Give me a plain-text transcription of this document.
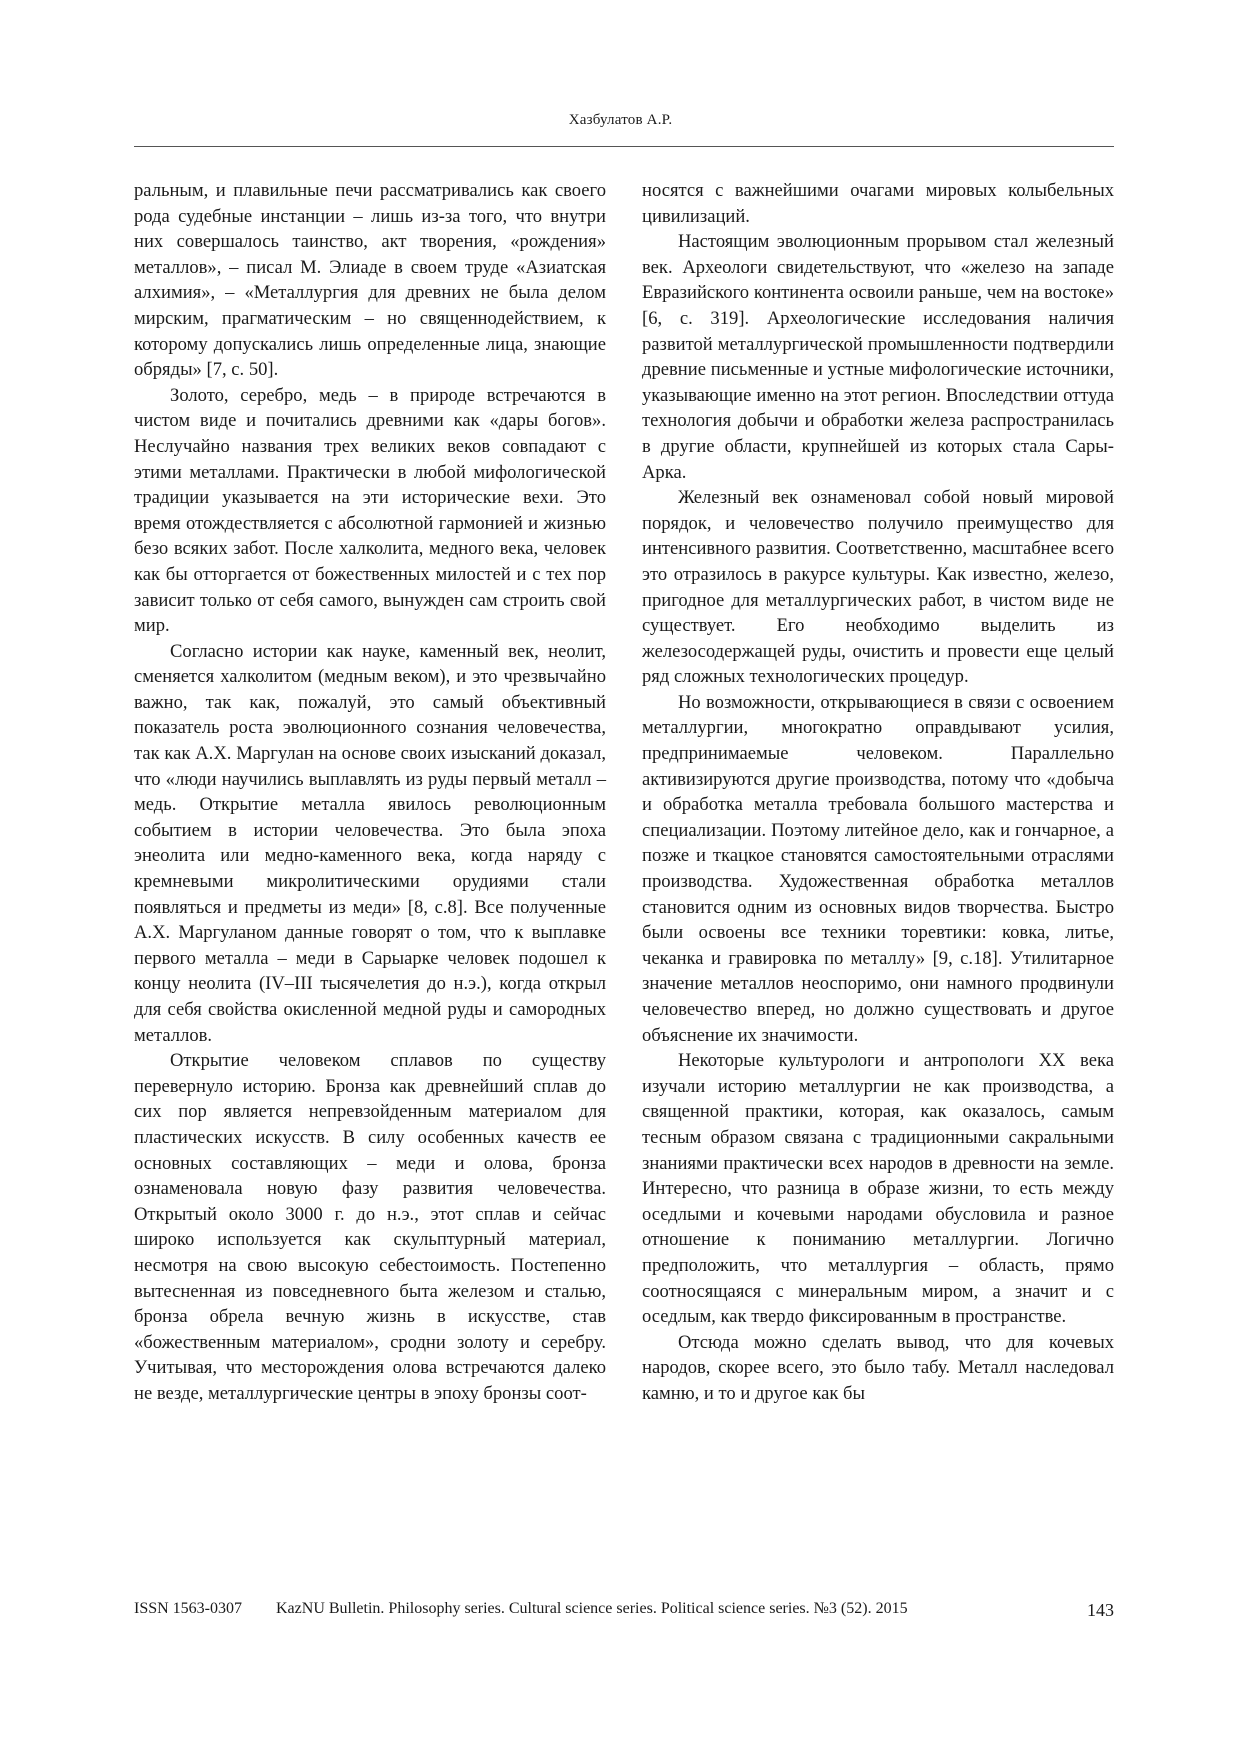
Хазбулатов А.Р.

ральным, и плавильные печи рассматривались как своего рода судебные инстанции – лишь из-за того, что внутри них совершалось таинство, акт творения, «рождения» металлов», – писал М. Элиаде в своем труде «Азиатская алхимия», – «Металлургия для древних не была делом мирским, прагматическим – но священнодействием, к которому допускались лишь определенные лица, знающие обряды» [7, с. 50].

Золото, серебро, медь – в природе встречаются в чистом виде и почитались древними как «дары богов». Неслучайно названия трех великих веков совпадают с этими металлами. Практически в любой мифологической традиции указывается на эти исторические вехи. Это время отождествляется с абсолютной гармонией и жизнью безо всяких забот. После халколита, медного века, человек как бы отторгается от божественных милостей и с тех пор зависит только от себя самого, вынужден сам строить свой мир.

Согласно истории как науке, каменный век, неолит, сменяется халколитом (медным веком), и это чрезвычайно важно, так как, пожалуй, это самый объективный показатель роста эволюционного сознания человечества, так как А.Х. Маргулан на основе своих изысканий доказал, что «люди научились выплавлять из руды первый металл – медь. Открытие металла явилось революционным событием в истории человечества. Это была эпоха энеолита или медно-каменного века, когда наряду с кремневыми микролитическими орудиями стали появляться и предметы из меди» [8, с.8]. Все полученные А.Х. Маргуланом данные говорят о том, что к выплавке первого металла – меди в Сарыарке человек подошел к концу неолита (IV–III тысячелетия до н.э.), когда открыл для себя свойства окисленной медной руды и самородных металлов.

Открытие человеком сплавов по существу перевернуло историю. Бронза как древнейший сплав до сих пор является непревзойденным материалом для пластических искусств. В силу особенных качеств ее основных составляющих – меди и олова, бронза ознаменовала новую фазу развития человечества. Открытый около 3000 г. до н.э., этот сплав и сейчас широко используется как скульптурный материал, несмотря на свою высокую себестоимость. Постепенно вытесненная из повседневного быта железом и сталью, бронза обрела вечную жизнь в искусстве, став «божественным материалом», сродни золоту и серебру. Учитывая, что месторождения олова встречаются далеко не везде, металлургические центры в эпоху бронзы соот-

носятся с важнейшими очагами мировых колыбельных цивилизаций.

Настоящим эволюционным прорывом стал железный век. Археологи свидетельствуют, что «железо на западе Евразийского континента освоили раньше, чем на востоке» [6, с. 319]. Археологические исследования наличия развитой металлургической промышленности подтвердили древние письменные и устные мифологические источники, указывающие именно на этот регион. Впоследствии оттуда технология добычи и обработки железа распространилась в другие области, крупнейшей из которых стала Сары-Арка.

Железный век ознаменовал собой новый мировой порядок, и человечество получило преимущество для интенсивного развития. Соответственно, масштабнее всего это отразилось в ракурсе культуры. Как известно, железо, пригодное для металлургических работ, в чистом виде не существует. Его необходимо выделить из железосодержащей руды, очистить и провести еще целый ряд сложных технологических процедур.

Но возможности, открывающиеся в связи с освоением металлургии, многократно оправдывают усилия, предпринимаемые человеком. Параллельно активизируются другие производства, потому что «добыча и обработка металла требовала большого мастерства и специализации. Поэтому литейное дело, как и гончарное, а позже и ткацкое становятся самостоятельными отраслями производства. Художественная обработка металлов становится одним из основных видов творчества. Быстро были освоены все техники торевтики: ковка, литье, чеканка и гравировка по металлу» [9, с.18]. Утилитарное значение металлов неоспоримо, они намного продвинули человечество вперед, но должно существовать и другое объяснение их значимости.

Некоторые культурологи и антропологи XX века изучали историю металлургии не как производства, а священной практики, которая, как оказалось, самым тесным образом связана с традиционными сакральными знаниями практически всех народов в древности на земле. Интересно, что разница в образе жизни, то есть между оседлыми и кочевыми народами обусловила и разное отношение к пониманию металлургии. Логично предположить, что металлургия – область, прямо соотносящаяся с минеральным миром, а значит и с оседлым, как твердо фиксированным в пространстве.

Отсюда можно сделать вывод, что для кочевых народов, скорее всего, это было табу. Металл наследовал камню, и то и другое как бы

ISSN 1563-0307 KazNU Bulletin. Philosophy series. Cultural science series. Political science series. №3 (52). 2015	143
